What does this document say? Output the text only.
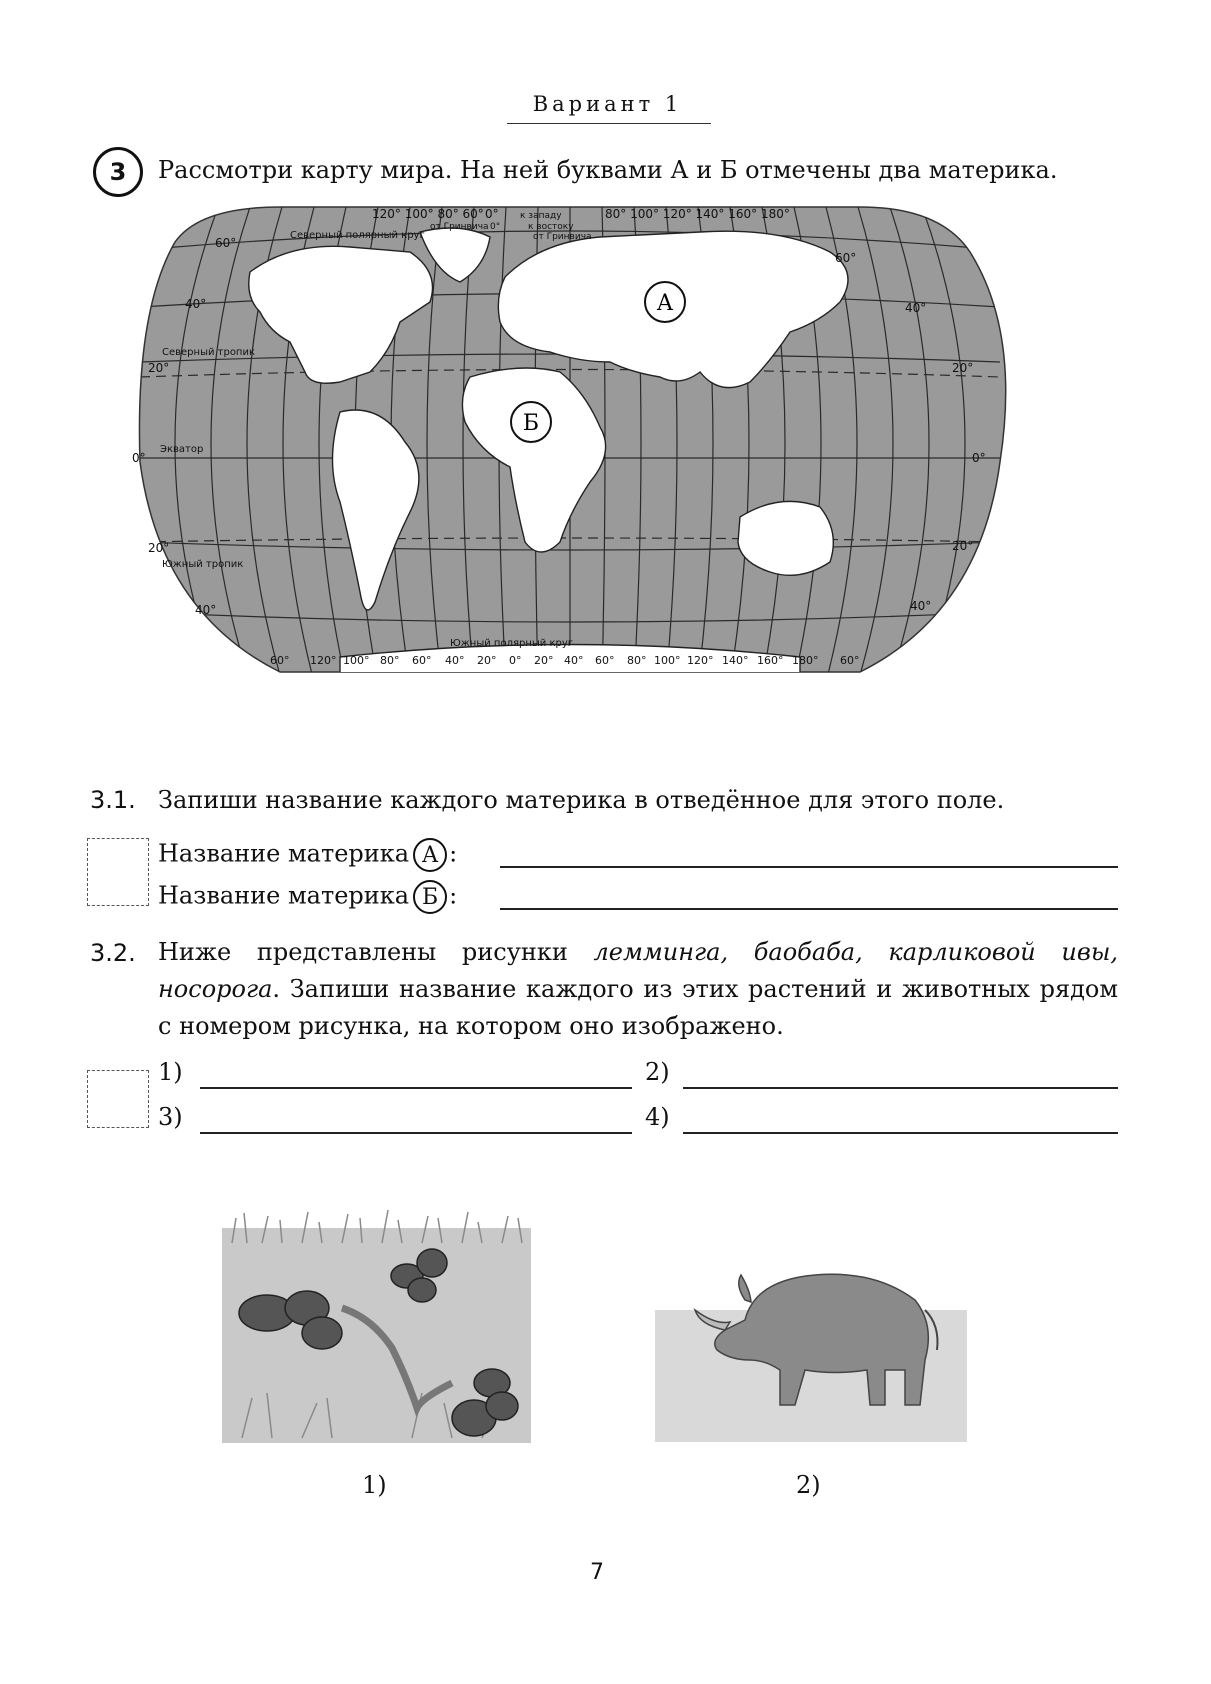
Вариант 1
3	Рассмотри карту мира. На ней буквами А и Б отмечены два материка.
А
Б
Северный полярный круг
Северный тропик
Экватор
Южный тропик
Южный полярный круг
120° 100° 80° 60° 0° к западу
от Гринвича 0°	к востоку
от Гринвича
80° 100° 120° 140° 160° 180°
60°
40°
20°
0°
20°
40°
60°
40°
20°
0°
20°
40°
60° 120° 100° 80° 60° 40° 20° 0° 20° 40° 60° 80° 100° 120° 140° 160° 180° 60°
3.1. Запиши название каждого материка в отведённое для этого поле.
Название материка А :
Название материка Б :
3.2. Ниже представлены рисунки лемминга, баобаба, карликовой ивы, носорога. Запиши название каждого из этих растений и животных рядом с номером рисунка, на котором оно изображено.
1)	2)
3)	4)
1)	2)
7
